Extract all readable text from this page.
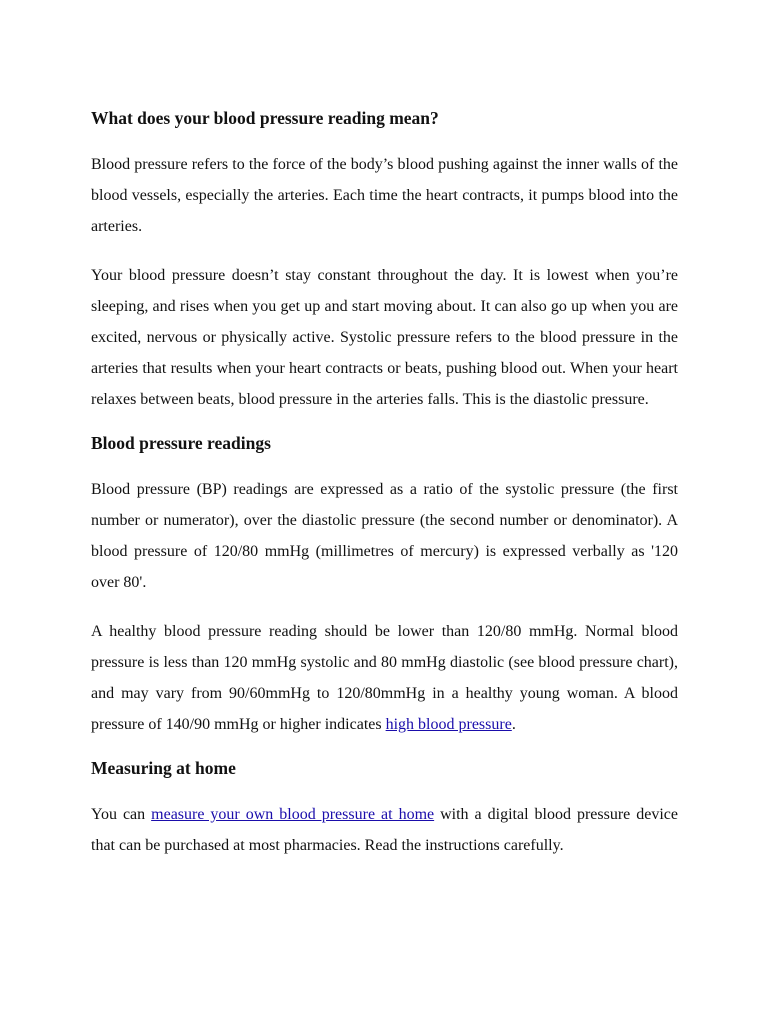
What does your blood pressure reading mean?

Blood pressure refers to the force of the body’s blood pushing against the inner walls of the blood vessels, especially the arteries. Each time the heart contracts, it pumps blood into the arteries.

Your blood pressure doesn’t stay constant throughout the day. It is lowest when you’re sleeping, and rises when you get up and start moving about. It can also go up when you are excited, nervous or physically active. Systolic pressure refers to the blood pressure in the arteries that results when your heart contracts or beats, pushing blood out. When your heart relaxes between beats, blood pressure in the arteries falls. This is the diastolic pressure.

Blood pressure readings

Blood pressure (BP) readings are expressed as a ratio of the systolic pressure (the first number or numerator), over the diastolic pressure (the second number or denominator). A blood pressure of 120/80 mmHg (millimetres of mercury) is expressed verbally as '120 over 80'.

A healthy blood pressure reading should be lower than 120/80 mmHg. Normal blood pressure is less than 120 mmHg systolic and 80 mmHg diastolic (see blood pressure chart), and may vary from 90/60mmHg to 120/80mmHg in a healthy young woman. A blood pressure of 140/90 mmHg or higher indicates high blood pressure.

Measuring at home

You can measure your own blood pressure at home with a digital blood pressure device that can be purchased at most pharmacies. Read the instructions carefully.
